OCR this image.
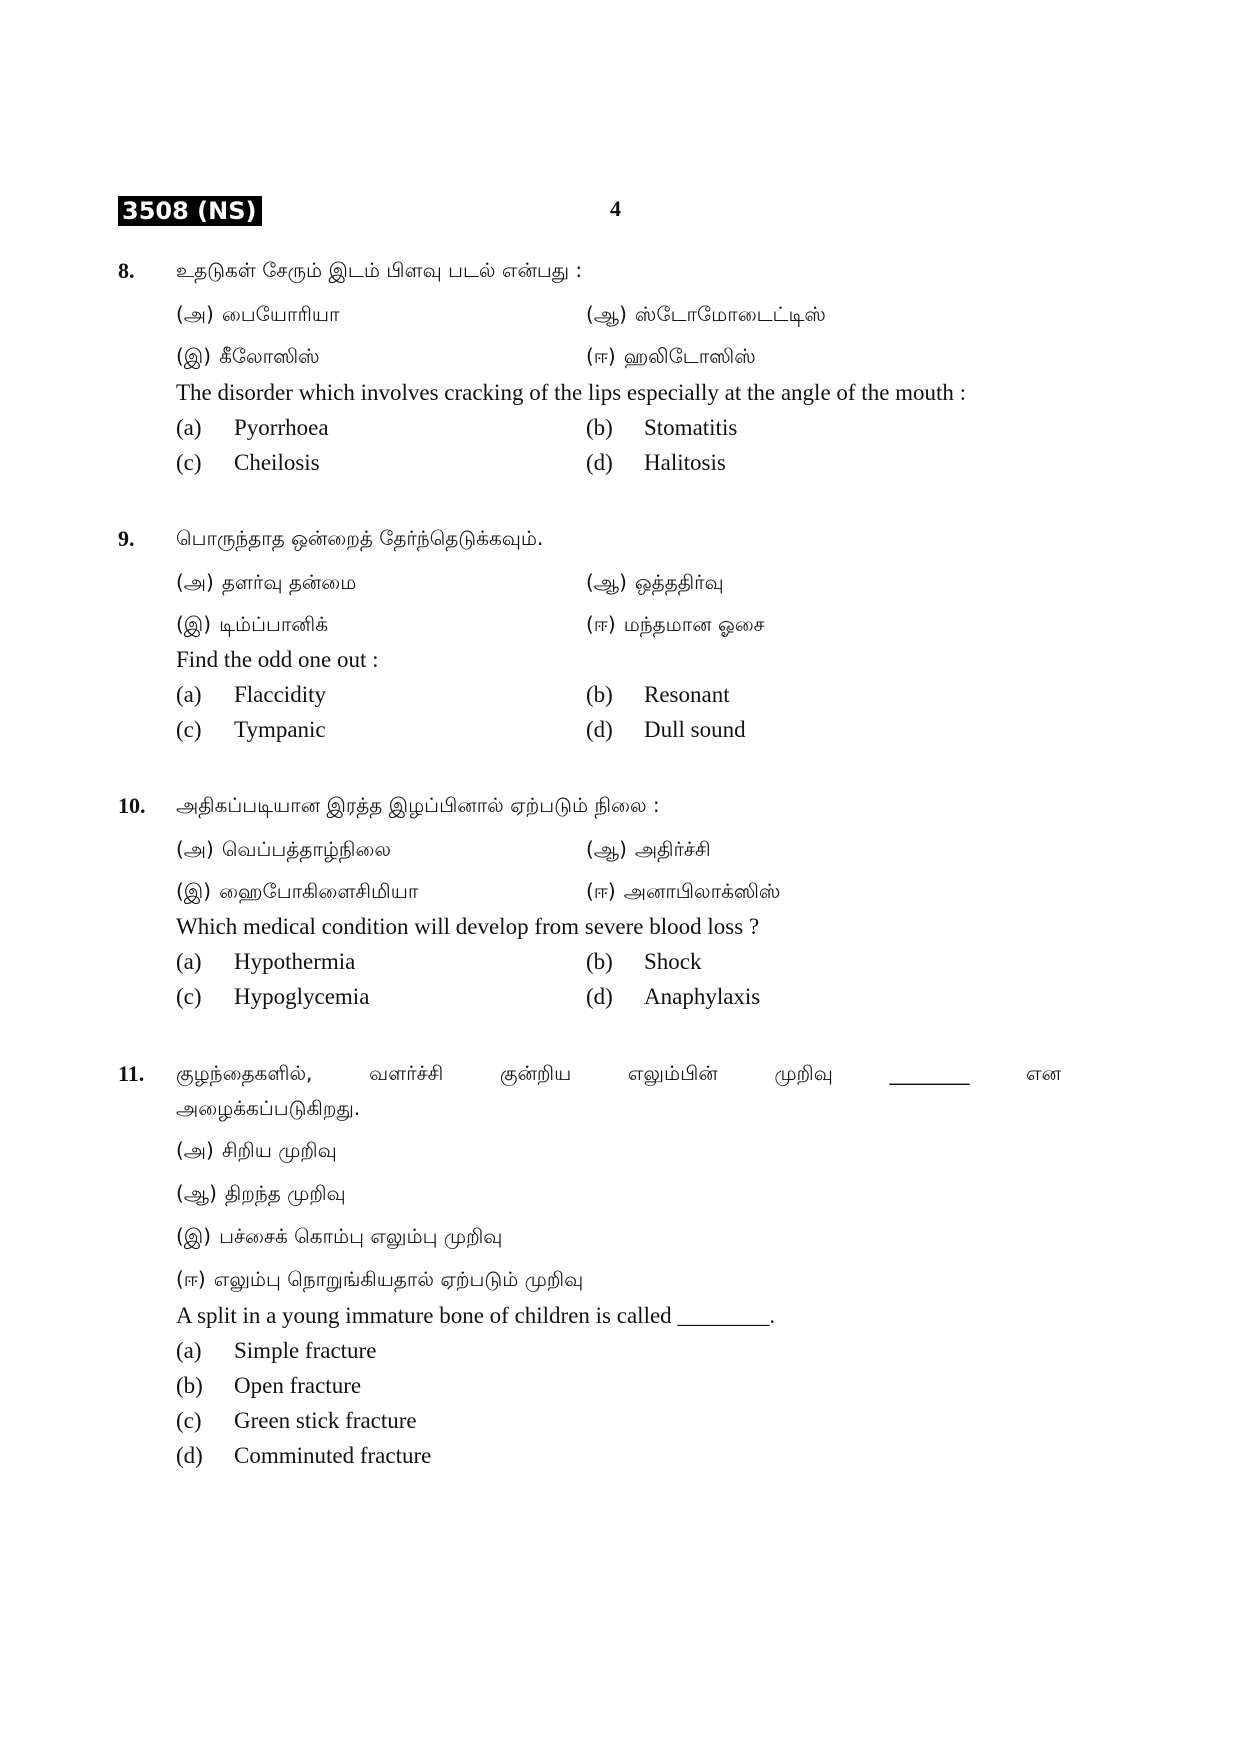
3508 (NS)	4
8. உதடுகள் சேரும் இடம் பிளவு படல் என்பது :
(அ) பையோரியா	(ஆ) ஸ்டோமோடைட்டிஸ்
(இ) கீலோஸிஸ்	(ஈ) ஹலிடோஸிஸ்
The disorder which involves cracking of the lips especially at the angle of the mouth :
(a) Pyorrhoea	(b) Stomatitis
(c) Cheilosis	(d) Halitosis
9. பொருந்தாத ஒன்றைத் தேர்ந்தெடுக்கவும்.
(அ) தளர்வு தன்மை	(ஆ) ஒத்ததிர்வு
(இ) டிம்ப்பானிக்	(ஈ) மந்தமான ஓசை
Find the odd one out :
(a) Flaccidity	(b) Resonant
(c) Tympanic	(d) Dull sound
10. அதிகப்படியான இரத்த இழப்பினால் ஏற்படும் நிலை :
(அ) வெப்பத்தாழ்நிலை	(ஆ) அதிர்ச்சி
(இ) ஹைபோகிளைசிமியா	(ஈ) அனாபிலாக்ஸிஸ்
Which medical condition will develop from severe blood loss ?
(a) Hypothermia	(b) Shock
(c) Hypoglycemia	(d) Anaphylaxis
11. குழந்தைகளில்,	வளர்ச்சி	குன்றிய	எலும்பின்	முறிவு	________	என
அழைக்கப்படுகிறது.
(அ) சிறிய முறிவு
(ஆ) திறந்த முறிவு
(இ) பச்சைக் கொம்பு எலும்பு முறிவு
(ஈ) எலும்பு நொறுங்கியதால் ஏற்படும் முறிவு
A split in a young immature bone of children is called ________.
(a) Simple fracture
(b) Open fracture
(c) Green stick fracture
(d) Comminuted fracture
